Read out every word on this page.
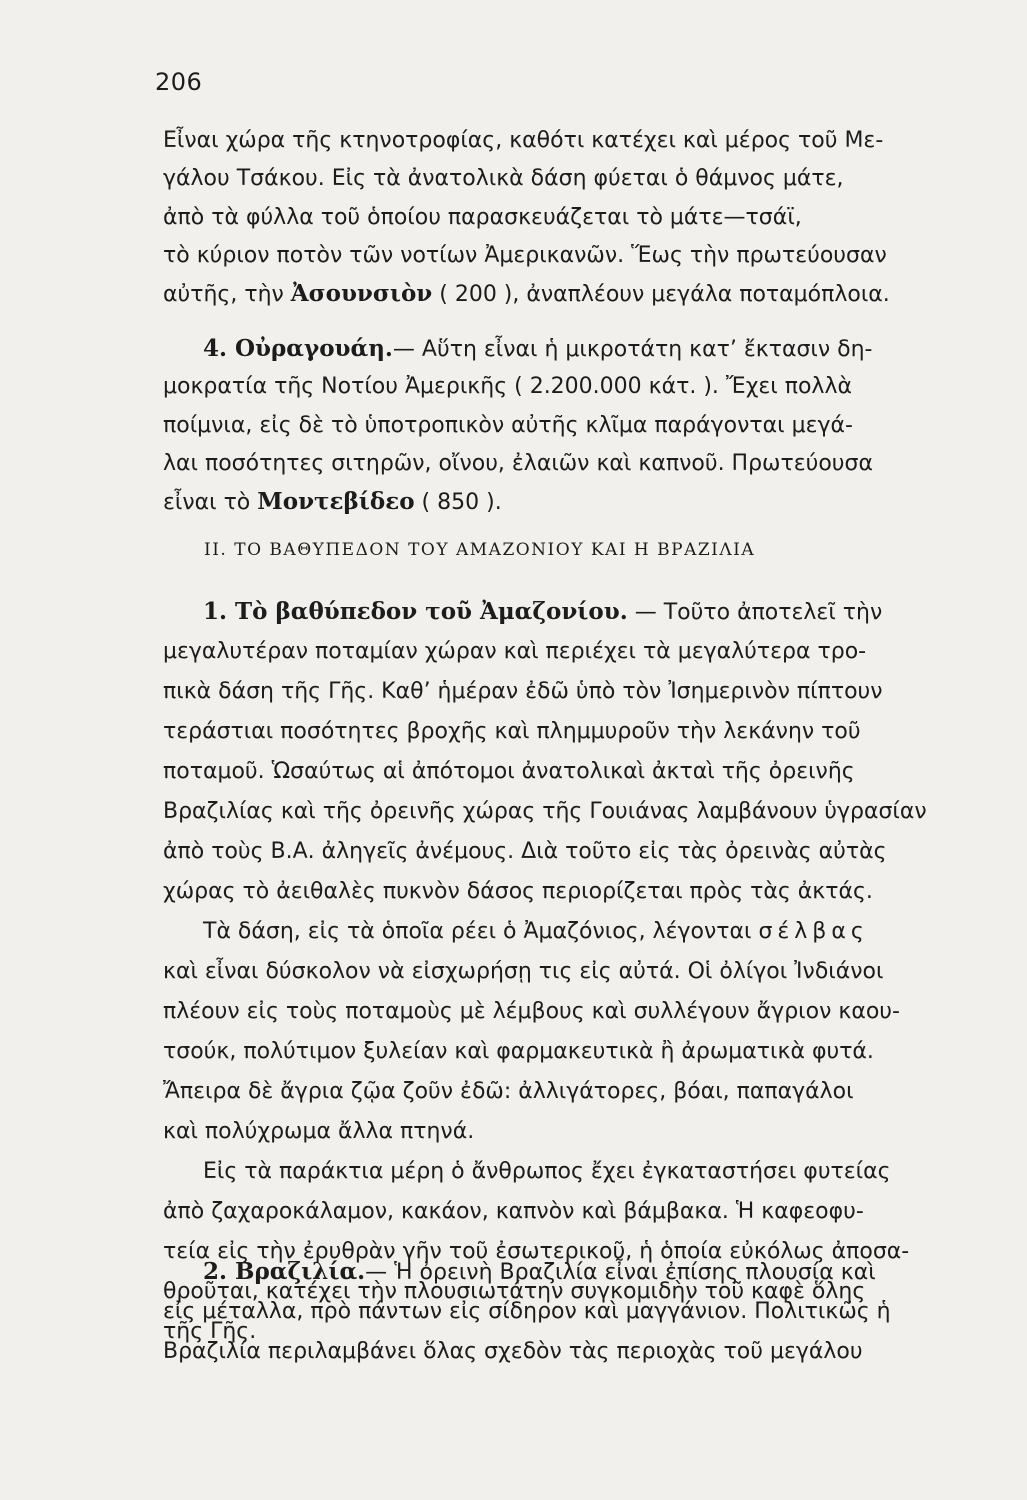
206
Εἶναι χώρα τῆς κτηνοτροφίας, καθότι κατέχει καὶ μέρος τοῦ Με-
γάλου Τσάκου. Εἰς τὰ ἀνατολικὰ δάση φύεται ὁ θάμνος μάτε,
ἀπὸ τὰ φύλλα τοῦ ὁποίου παρασκευάζεται τὸ μάτε—τσάϊ,
τὸ κύριον ποτὸν τῶν νοτίων Ἀμερικανῶν. Ἕως τὴν πρωτεύουσαν
αὐτῆς, τὴν Ἀσουνσιὸν ( 200 ), ἀναπλέουν μεγάλα ποταμόπλοια.
4. Οὐραγουάη.— Αὕτη εἶναι ἡ μικροτάτη κατ’ ἔκτασιν δη-
μοκρατία τῆς Νοτίου Ἀμερικῆς ( 2.200.000 κάτ. ). Ἔχει πολλὰ
ποίμνια, εἰς δὲ τὸ ὑποτροπικὸν αὐτῆς κλῖμα παράγονται μεγά-
λαι ποσότητες σιτηρῶν, οἴνου, ἐλαιῶν καὶ καπνοῦ. Πρωτεύουσα
εἶναι τὸ Μοντεβίδεο ( 850 ).
II. ΤΟ ΒΑΘΥΠΕΔΟΝ ΤΟΥ ΑΜΑΖΟΝΙΟΥ ΚΑΙ Η ΒΡΑΖΙΛΙΑ
1. Τὸ βαθύπεδον τοῦ Ἀμαζονίου. — Τοῦτο ἀποτελεῖ τὴν
μεγαλυτέραν ποταμίαν χώραν καὶ περιέχει τὰ μεγαλύτερα τρο-
πικὰ δάση τῆς Γῆς. Καθ’ ἡμέραν ἐδῶ ὑπὸ τὸν Ἰσημερινὸν πίπτουν
τεράστιαι ποσότητες βροχῆς καὶ πλημμυροῦν τὴν λεκάνην τοῦ
ποταμοῦ. Ὡσαύτως αἱ ἀπότομοι ἀνατολικαὶ ἀκταὶ τῆς ὀρεινῆς
Βραζιλίας καὶ τῆς ὀρεινῆς χώρας τῆς Γουιάνας λαμβάνουν ὑγρασίαν
ἀπὸ τοὺς Β.Α. ἀληγεῖς ἀνέμους. Διὰ τοῦτο εἰς τὰς ὀρεινὰς αὐτὰς
χώρας τὸ ἀειθαλὲς πυκνὸν δάσος περιορίζεται πρὸς τὰς ἀκτάς.
Τὰ δάση, εἰς τὰ ὁποῖα ρέει ὁ Ἀμαζόνιος, λέγονται σέλβας
καὶ εἶναι δύσκολον νὰ εἰσχωρήσῃ τις εἰς αὐτά. Οἱ ὀλίγοι Ἰνδιάνοι
πλέουν εἰς τοὺς ποταμοὺς μὲ λέμβους καὶ συλλέγουν ἄγριον καου-
τσούκ, πολύτιμον ξυλείαν καὶ φαρμακευτικὰ ἢ ἀρωματικὰ φυτά.
Ἄπειρα δὲ ἄγρια ζῷα ζοῦν ἐδῶ: ἀλλιγάτορες, βόαι, παπαγάλοι
καὶ πολύχρωμα ἄλλα πτηνά.
Εἰς τὰ παράκτια μέρη ὁ ἄνθρωπος ἔχει ἐγκαταστήσει φυτείας
ἀπὸ ζαχαροκάλαμον, κακάον, καπνὸν καὶ βάμβακα. Ἡ καφεοφυ-
τεία εἰς τὴν ἐρυθρὰν γῆν τοῦ ἐσωτερικοῦ, ἡ ὁποία εὐκόλως ἀποσα-
θροῦται, κατέχει τὴν πλουσιωτάτην συγκομιδὴν τοῦ καφὲ ὅλης
τῆς Γῆς.
2. Βραζιλία.— Ἡ ὀρεινὴ Βραζιλία εἶναι ἐπίσης πλουσία καὶ
εἰς μέταλλα, πρὸ πάντων εἰς σίδηρον καὶ μαγγάνιον. Πολιτικῶς ἡ
Βραζιλία περιλαμβάνει ὅλας σχεδὸν τὰς περιοχὰς τοῦ μεγάλου
